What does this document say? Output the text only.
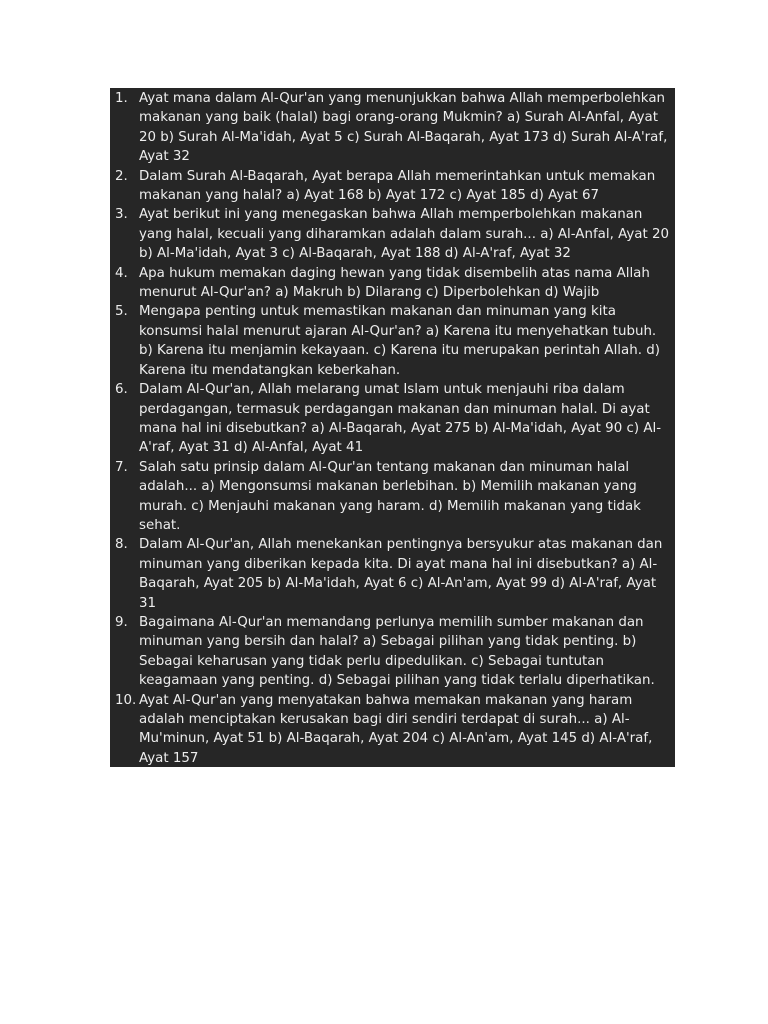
1. Ayat mana dalam Al-Qur'an yang menunjukkan bahwa Allah memperbolehkan makanan yang baik (halal) bagi orang-orang Mukmin? a) Surah Al-Anfal, Ayat 20 b) Surah Al-Ma'idah, Ayat 5 c) Surah Al-Baqarah, Ayat 173 d) Surah Al-A'raf, Ayat 32
2. Dalam Surah Al-Baqarah, Ayat berapa Allah memerintahkan untuk memakan makanan yang halal? a) Ayat 168 b) Ayat 172 c) Ayat 185 d) Ayat 67
3. Ayat berikut ini yang menegaskan bahwa Allah memperbolehkan makanan yang halal, kecuali yang diharamkan adalah dalam surah... a) Al-Anfal, Ayat 20 b) Al-Ma'idah, Ayat 3 c) Al-Baqarah, Ayat 188 d) Al-A'raf, Ayat 32
4. Apa hukum memakan daging hewan yang tidak disembelih atas nama Allah menurut Al-Qur'an? a) Makruh b) Dilarang c) Diperbolehkan d) Wajib
5. Mengapa penting untuk memastikan makanan dan minuman yang kita konsumsi halal menurut ajaran Al-Qur'an? a) Karena itu menyehatkan tubuh. b) Karena itu menjamin kekayaan. c) Karena itu merupakan perintah Allah. d) Karena itu mendatangkan keberkahan.
6. Dalam Al-Qur'an, Allah melarang umat Islam untuk menjauhi riba dalam perdagangan, termasuk perdagangan makanan dan minuman halal. Di ayat mana hal ini disebutkan? a) Al-Baqarah, Ayat 275 b) Al-Ma'idah, Ayat 90 c) Al-A'raf, Ayat 31 d) Al-Anfal, Ayat 41
7. Salah satu prinsip dalam Al-Qur'an tentang makanan dan minuman halal adalah... a) Mengonsumsi makanan berlebihan. b) Memilih makanan yang murah. c) Menjauhi makanan yang haram. d) Memilih makanan yang tidak sehat.
8. Dalam Al-Qur'an, Allah menekankan pentingnya bersyukur atas makanan dan minuman yang diberikan kepada kita. Di ayat mana hal ini disebutkan? a) Al-Baqarah, Ayat 205 b) Al-Ma'idah, Ayat 6 c) Al-An'am, Ayat 99 d) Al-A'raf, Ayat 31
9. Bagaimana Al-Qur'an memandang perlunya memilih sumber makanan dan minuman yang bersih dan halal? a) Sebagai pilihan yang tidak penting. b) Sebagai keharusan yang tidak perlu dipedulikan. c) Sebagai tuntutan keagamaan yang penting. d) Sebagai pilihan yang tidak terlalu diperhatikan.
10. Ayat Al-Qur'an yang menyatakan bahwa memakan makanan yang haram adalah menciptakan kerusakan bagi diri sendiri terdapat di surah... a) Al-Mu'minun, Ayat 51 b) Al-Baqarah, Ayat 204 c) Al-An'am, Ayat 145 d) Al-A'raf, Ayat 157
